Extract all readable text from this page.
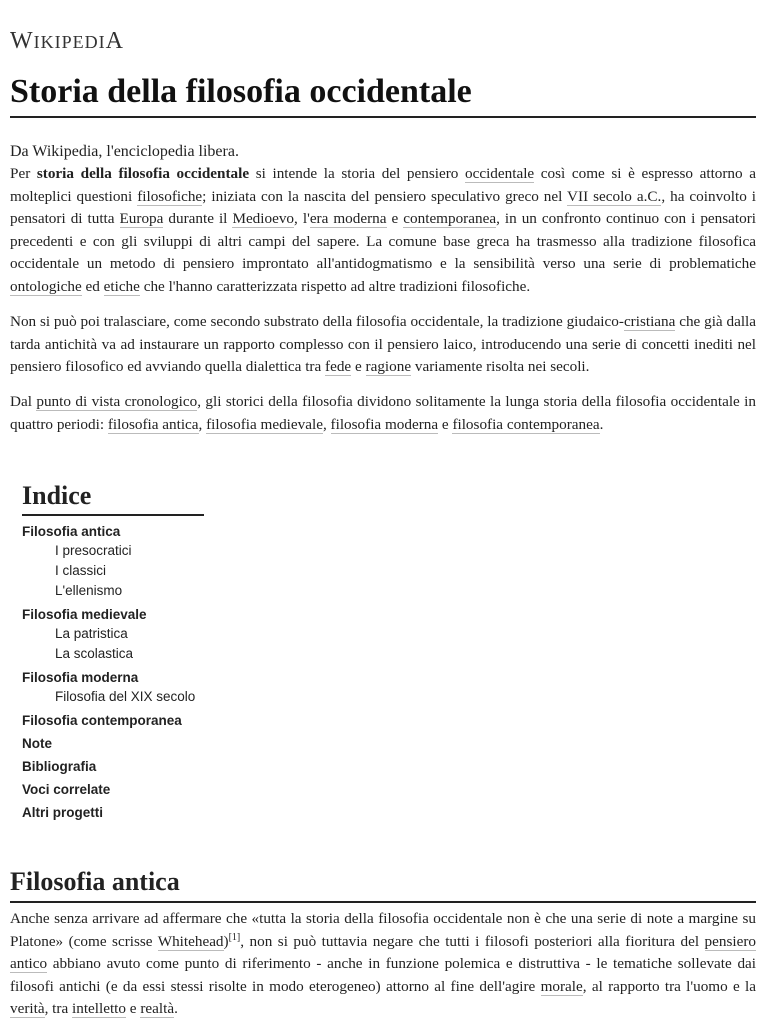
WIKIPEDIA
Storia della filosofia occidentale
Da Wikipedia, l'enciclopedia libera.

Per storia della filosofia occidentale si intende la storia del pensiero occidentale così come si è espresso attorno a molteplici questioni filosofiche; iniziata con la nascita del pensiero speculativo greco nel VII secolo a.C., ha coinvolto i pensatori di tutta Europa durante il Medioevo, l'era moderna e contemporanea, in un confronto continuo con i pensatori precedenti e con gli sviluppi di altri campi del sapere. La comune base greca ha trasmesso alla tradizione filosofica occidentale un metodo di pensiero improntato all'antidogmatismo e la sensibilità verso una serie di problematiche ontologiche ed etiche che l'hanno caratterizzata rispetto ad altre tradizioni filosofiche.

Non si può poi tralasciare, come secondo substrato della filosofia occidentale, la tradizione giudaico-cristiana che già dalla tarda antichità va ad instaurare un rapporto complesso con il pensiero laico, introducendo una serie di concetti inediti nel pensiero filosofico ed avviando quella dialettica tra fede e ragione variamente risolta nei secoli.

Dal punto di vista cronologico, gli storici della filosofia dividono solitamente la lunga storia della filosofia occidentale in quattro periodi: filosofia antica, filosofia medievale, filosofia moderna e filosofia contemporanea.

Indice
Filosofia antica
I presocratici
I classici
L'ellenismo
Filosofia medievale
La patristica
La scolastica
Filosofia moderna
Filosofia del XIX secolo
Filosofia contemporanea
Note
Bibliografia
Voci correlate
Altri progetti
Filosofia antica

Anche senza arrivare ad affermare che «tutta la storia della filosofia occidentale non è che una serie di note a margine su Platone» (come scrisse Whitehead)[1], non si può tuttavia negare che tutti i filosofi posteriori alla fioritura del pensiero antico abbiano avuto come punto di riferimento - anche in funzione polemica e distruttiva - le tematiche sollevate dai filosofi antichi (e da essi stessi risolte in modo eterogeneo) attorno al fine dell'agire morale, al rapporto tra l'uomo e la verità, tra intelletto e realtà.
